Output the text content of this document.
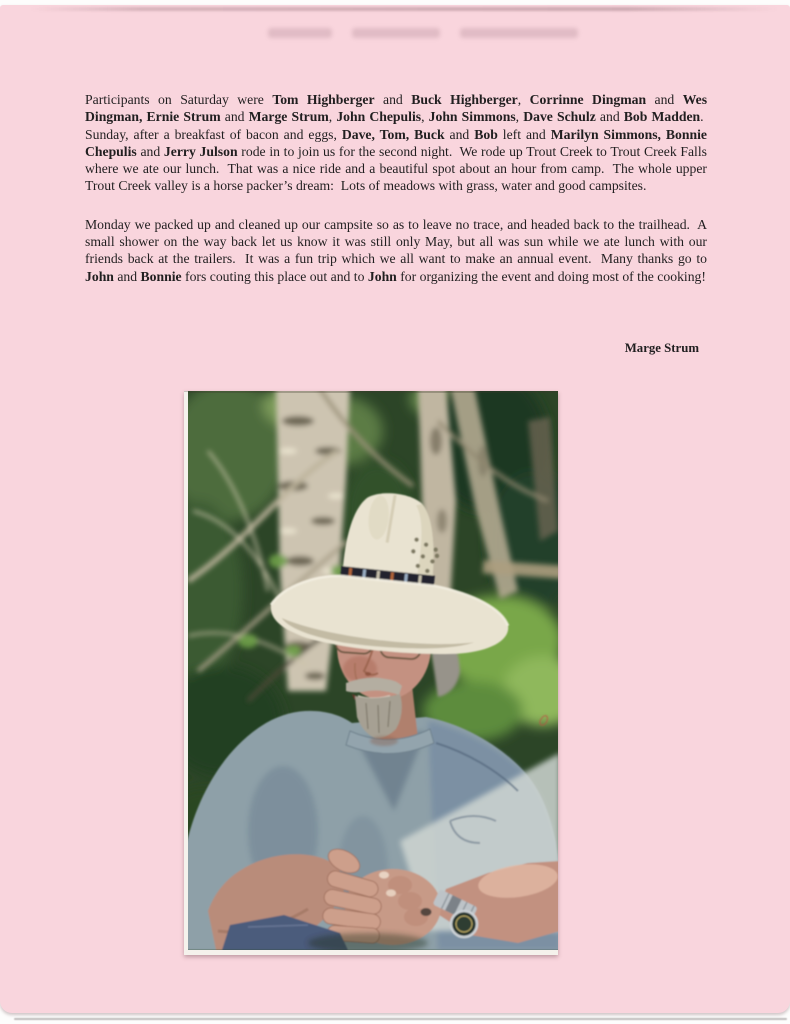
Participants on Saturday were Tom Highberger and Buck Highberger, Corrinne Dingman and Wes Dingman, Ernie Strum and Marge Strum, John Chepulis, John Simmons, Dave Schulz and Bob Madden.  Sunday, after a breakfast of bacon and eggs, Dave, Tom, Buck and Bob left and Marilyn Simmons, Bonnie Chepulis and Jerry Julson rode in to join us for the second night.  We rode up Trout Creek to Trout Creek Falls where we ate our lunch.  That was a nice ride and a beautiful spot about an hour from camp.  The whole upper Trout Creek valley is a horse packer’s dream:  Lots of meadows with grass, water and good campsites.

Monday we packed up and cleaned up our campsite so as to leave no trace, and headed back to the trailhead.  A small shower on the way back let us know it was still only May, but all was sun while we ate lunch with our friends back at the trailers.  It was a fun trip which we all want to make an annual event.  Many thanks go to John and Bonnie fors couting this place out and to John for organizing the event and doing most of the cooking!

Marge Strum
